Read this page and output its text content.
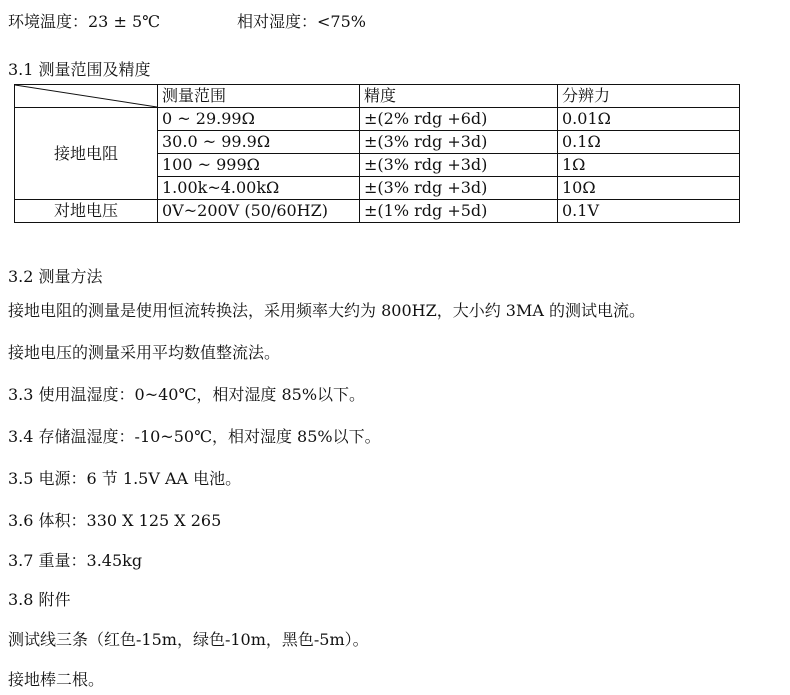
环境温度：23 ± 5℃	相对湿度：<75%
3.1 测量范围及精度
	测量范围	精度	分辨力
接地电阻	0 ~ 29.99Ω	±(2% rdg +6d)	0.01Ω
	30.0 ~ 99.9Ω	±(3% rdg +3d)	0.1Ω
	100 ~ 999Ω	±(3% rdg +3d)	1Ω
	1.00k~4.00kΩ	±(3% rdg +3d)	10Ω
对地电压	0V~200V (50/60HZ)	±(1% rdg +5d)	0.1V
3.2 测量方法
接地电阻的测量是使用恒流转换法，采用频率大约为 800HZ，大小约 3MA 的测试电流。
接地电压的测量采用平均数值整流法。
3.3 使用温湿度：0~40℃，相对湿度 85%以下。
3.4 存储温湿度：-10~50℃，相对湿度 85%以下。
3.5 电源：6 节 1.5V AA 电池。
3.6 体积：330 X 125 X 265
3.7 重量：3.45kg
3.8 附件
测试线三条（红色-15m，绿色-10m，黑色-5m）。
接地棒二根。
